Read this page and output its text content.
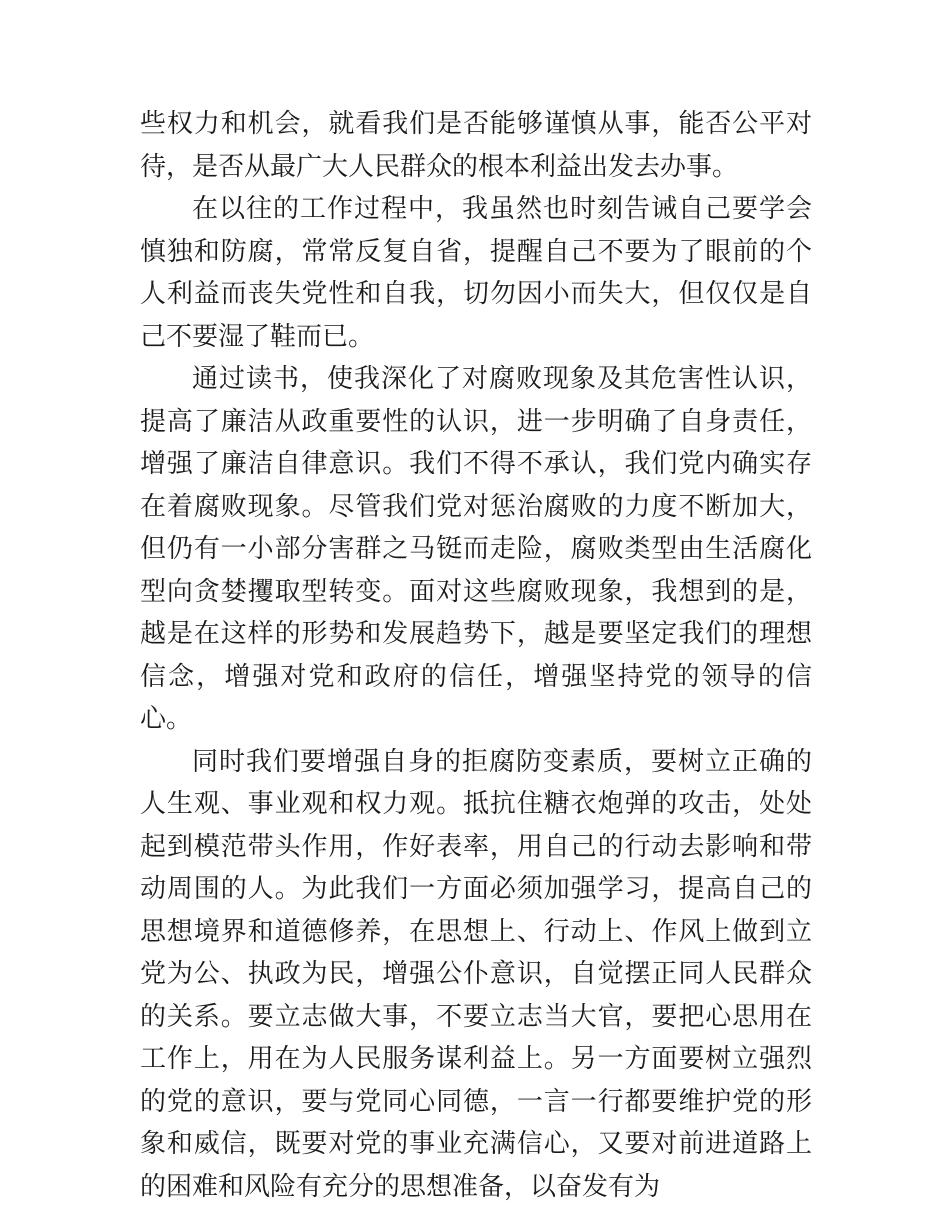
些权力和机会，就看我们是否能够谨慎从事，能否公平对待，是否从最广大人民群众的根本利益出发去办事。

在以往的工作过程中，我虽然也时刻告诫自己要学会慎独和防腐，常常反复自省，提醒自己不要为了眼前的个人利益而丧失党性和自我，切勿因小而失大，但仅仅是自己不要湿了鞋而已。

通过读书，使我深化了对腐败现象及其危害性认识，提高了廉洁从政重要性的认识，进一步明确了自身责任，增强了廉洁自律意识。我们不得不承认，我们党内确实存在着腐败现象。尽管我们党对惩治腐败的力度不断加大，但仍有一小部分害群之马铤而走险，腐败类型由生活腐化型向贪婪攫取型转变。面对这些腐败现象，我想到的是，越是在这样的形势和发展趋势下，越是要坚定我们的理想信念，增强对党和政府的信任，增强坚持党的领导的信心。

同时我们要增强自身的拒腐防变素质，要树立正确的人生观、事业观和权力观。抵抗住糖衣炮弹的攻击，处处起到模范带头作用，作好表率，用自己的行动去影响和带动周围的人。为此我们一方面必须加强学习，提高自己的思想境界和道德修养，在思想上、行动上、作风上做到立党为公、执政为民，增强公仆意识，自觉摆正同人民群众的关系。要立志做大事，不要立志当大官，要把心思用在工作上，用在为人民服务谋利益上。另一方面要树立强烈的党的意识，要与党同心同德，一言一行都要维护党的形象和威信，既要对党的事业充满信心，又要对前进道路上的困难和风险有充分的思想准备，以奋发有为
